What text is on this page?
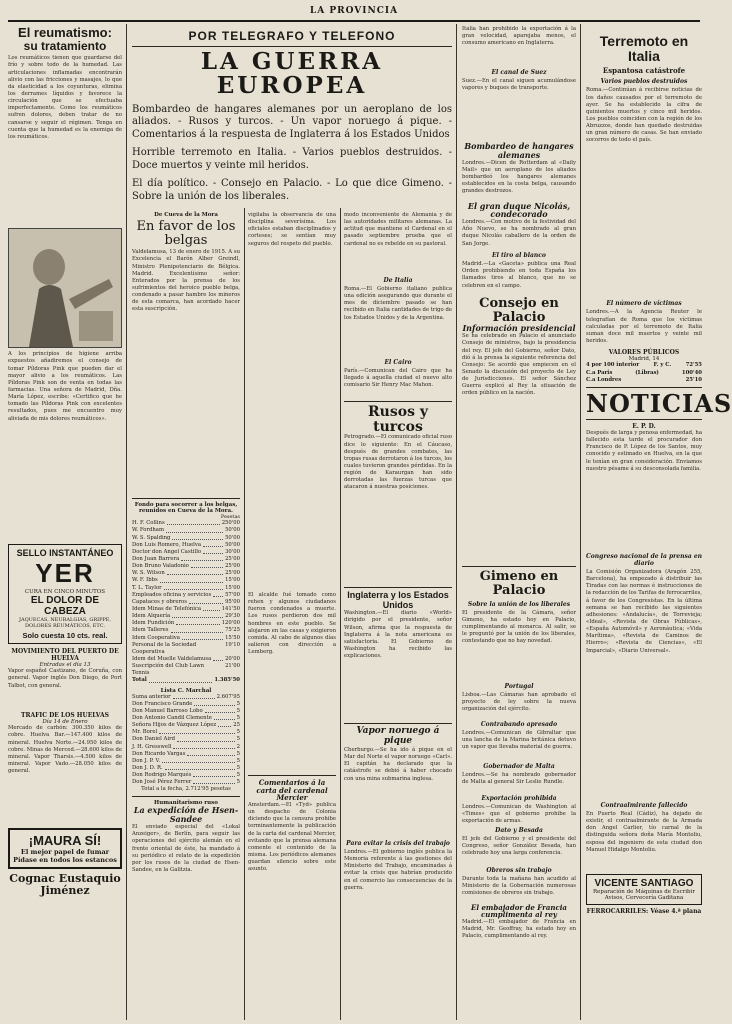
LA PROVINCIA
El reumatismo:
su tratamiento
Los reumáticos tienen que guardarse del frío y sobre todo de la humedad. Las articulaciones inflamadas encontrarán alivio con las fricciones y masajes, lo que da elasticidad a los coyunturas, elimina los derrames líquidos y favorece la circulación que se efectuaba imperfectamente. Como los reumáticos sufren dolores, deben tratar de no cansarse y seguir el régimen. Tenga en cuenta que la humedad es la enemiga de los reumáticos.
A los principios de higiene arriba expuestos añadiremos el consejo de tomar Píldoras Pink que pueden dar el mayor alivio a los reumáticos. Las Píldoras Pink son de venta en todas las farmacias. Una señora de Madrid, Dña. María López, escribe: «Certifico que he tomado las Píldoras Pink con excelentes resultados, pues me encuentro muy aliviada de mis dolores reumáticos».
SELLO INSTANTÁNEO
YER
CURA EN CINCO MINUTOS
EL DOLOR DE CABEZA
JAQUECAS, NEURALGIAS, GRIPPE, DOLORES REUMÁTICOS, ETC.
Solo cuesta 10 cts. real.
MOVIMIENTO DEL PUERTO DE HUELVA
Entradas el día 13
Vapor español Castizano, de Coruña, con general. Vapor inglés Don Diego, de Port Talbot, con general.
TRAFIC DE LOS HUELVAS
Día 14 de Enero
Mercado de carbón: 300.350 kilos de cobre. Huelva Bar.—147.400 kilos de mineral. Huelva Norte.—24.950 kilos de cobre. Minas de Merced.—28.600 kilos de mineral. Vapor Tharsis.—4.500 kilos de mineral. Vapor Vado.—28.050 kilos de general.
¡MAURA SÍ!
El mejor papel de fumar
Pídase en todos los estancos
Cognac Eustaquio Jiménez
POR TELEGRAFO Y TELEFONO
LA GUERRA EUROPEA
Bombardeo de hangares alemanes por un aeroplano de los aliados. - Rusos y turcos. - Un vapor noruego á pique. - Comentarios á la respuesta de Inglaterra á los Estados Unidos
Horrible terremoto en Italia. - Varios pueblos destruidos. - Doce muertos y veinte mil heridos.
El día político. - Consejo en Palacio. - Lo que dice Gimeno. - Sobre la unión de los liberales.
De Cueva de la Mora
En favor de los belgas
Valdelamusa, 13 de enero de 1915. A su Excelencia el Barón Alber Greindl, Ministro Plenipotenciario de Bélgica. Madrid. Excelentísimo señor: Enterados por la prensa de los sufrimientos del heroico pueblo belga, condenado a pasar hambre los mineros de esta comarca, han acordado hacer esta suscripción.
Fondo para socorrer a los belgas, reunidos en Cueva de la Mora.
Pesetas
H. F. Collins	250'00
W. Fordham	50'00
W. S. Spalding	50'00
Don Luis Romero, Huelva	50'00
Doctor don Angel Castillo	30'00
Don Juan Barrera	25'00
Don Bruno Valadonio	25'00
W. S. Wilson	25'00
W. F. Ibbs	15'00
T. L. Taylor	15'00
Empleados oficina y servicios	57'00
Capataces y obreros	95'00
Idem Minas de Telefónica	141'50
Idem Alquería	29'30
Idem Fundición	120'00
Idem Talleres	75'25
Idem Cooperativa	15'50
Personal de la Sociedad Cooperativa
19'10
Idem del Muelle Valdelamusa	20'00
Suscripción del Club Lawn Tennis
21'00
Total	1.385'50
Lista C. Marchal
Suma anterior	2.607'95
Don Francisco Grande	5
Don Manuel Barroso Lobo	5
Don Antonio Candil Clemente	5
Señora Hijos de Vázquez López	25
Mr. Borel	5
Don Daniel Aird	5
J. H. Gresswell	2
Don Ricardo Vargas	5
Don J. P. V.	5
Don J. D. R.	5
Don Rodrigo Marqués	5
Don José Pérez Ferrer	5
Total a la fecha, 2.712'95 pesetas
Humanitarismo ruso
La expedición de Hsen-Sandee
El enviado especial del «Lokal Anzeiger», de Berlín, para seguir las operaciones del ejército alemán en el frente oriental de éste, ha mandado á su periódico el relato de la expedición por los rusos de la ciudad de Hsen-Sandee, en la Galitzia.
vigilaba la observancia de una disciplina severísima. Los oficiales estaban disciplinados y corteses; se sentían muy seguros del respeto del pueblo.
El alcalde fué tomado como rehen y algunos ciudadanos fueron condenados a muerte. Los rusos perdieron dos mil hombres en este pueblo. Se alojaron en las casas y exigieron comida. Al cabo de algunos días salieron con dirección a Lemberg.
Comentarios á la carta del cardenal Mercier
Amsterdam.—El «Tyd» publica un despacho de Colonia diciendo que la censura prohibe terminantemente la publicación de la carta del cardenal Mercier, evitando que la prensa alemana comente el contenido de la misma. Los periódicos alemanes guardan silencio sobre este asunto.
modo inconveniente de Alemania y de las autoridades militares alemanas. La actitud que mantiene el Cardenal en el pasado septiembre prueba que el cardenal no es rebelde en su pastoral.
De Italia
Roma.—El Gobierno italiano publica una edición asegurando que durante el mes de diciembre pasado se han recibido en Italia cantidades de trigo de los Estados Unidos y de la Argentina.
El Cairo
París.—Comunican del Cairo que ha llegado á aquella ciudad el nuevo alto comisario Sir Henry Mac Mahon.
Rusos y turcos
Petrogrado.—El comunicado oficial ruso dice lo siguiente: En el Cáucaso, después de grandes combates, las tropas rusas derrotaron á los turcos, los cuales tuvieron grandes pérdidas. En la región de Karaurgan han sido derrotadas las fuerzas turcas que atacaron á nuestras posiciones.
Inglaterra y los Estados Unidos
Washington.—El diario «World» dirigido por el presidente, señor Wilson, afirma que la respuesta de Inglaterra á la nota americana es satisfactoria. El Gobierno de Washington ha recibido las explicaciones.
Vapor noruego á pique
Cherburgo.—Se ha ido á pique en el Mar del Norte el vapor noruego «Carl». El capitán ha declarado que la catástrofe se debió á haber chocado con una mina submarina inglesa.
Para evitar la crisis del trabajo
Londres.—El gobierno inglés publica la Memoria referente á las gestiones del Ministerio del Trabajo, encaminadas á evitar la crisis que habrían producido en el comercio las consecuencias de la guerra.
Italia han prohibido la exportación á la gran velocidad, aparejaba menos, el consumo americano en Inglaterra.
El canal de Suez
Suez.—En el canal siguen acumulándose vapores y buques de transporte.
Bombardeo de hangares alemanes
Londres.—Dicen de Rotterdam al «Daily Mail» que un aeroplano de los aliados bombardeó los hangares alemanes establecidos en la costa belga, causando grandes destrozos.
El gran duque Nicolás, condecorado
Londres.—Con motivo de la festividad del Año Nuevo, se ha nombrado al gran duque Nicolás caballero de la orden de San Jorge.
El tiro al blanco
Madrid.—La «Gaceta» publica una Real Orden prohibiendo en toda España los llamados tiros al blanco, que no se celebren en el campo.
Consejo en Palacio
Información presidencial
Se ha celebrado en Palacio el anunciado Consejo de ministros, bajo la presidencia del rey. El jefe del Gobierno, señor Dato, dió á la prensa la siguiente referencia del Consejo: Se acordó que empiecen en el Senado la discusión del proyecto de Ley de Jurisdicciones. El señor Sánchez Guerra explicó al Rey la situación de orden público en la nación.
Gimeno en Palacio
Sobre la unión de los liberales
El presidente de la Cámara, señor Gimeno, ha estado hoy en Palacio, cumplimentando al monarca. Al salir, se le preguntó por la unión de los liberales, contestando que no hay novedad.
Portugal
Lisboa.—Las Cámaras han aprobado el proyecto de ley sobre la nueva organización del ejército.
Contrabando apresado
Londres.—Comunican de Gibraltar que una lancha de la Marina británica detuvo un vapor que llevaba material de guerra.
Gobernador de Malta
Londres.—Se ha nombrado gobernador de Malta al general Sir Leslie Rundle.
Exportación prohibida
Londres.—Comunican de Washington al «Times» que el gobierno prohibe la exportación de armas.
Dato y Besada
El jefe del Gobierno y el presidente del Congreso, señor González Besada, han celebrado hoy una larga conferencia.
Obreros sin trabajo
Durante toda la mañana han acudido al Ministerio de la Gobernación numerosas comisiones de obreros sin trabajo.
El embajador de Francia cumplimenta al rey
Madrid.—El embajador de Francia en Madrid, Mr. Geoffray, ha estado hoy en Palacio, cumplimentando al rey.
Terremoto en Italia
Espantosa catástrofe
Varios pueblos destruidos
Roma.—Continúan á recibirse noticias de los daños causados por el terremoto de ayer. Se ha establecido la cifra de quinientos muertos y cinco mil heridos. Los pueblos coinciden con la región de los Abruzzos, donde han quedado destruidas un gran número de casas. Se han enviado socorros de todo el país.
El número de víctimas
Londres.—A la Agencia Reuter le telegrafían de Roma que los víctimas calculadas por el terremoto de Italia suman doce mil muertos y veinte mil heridos.
VALORES PÚBLICOS
Madrid, 14
4 por 100 interior	F. y C.	72'55
C.a Paris	(Libras)	100'40
C.a Londres	25'10
NOTICIAS
E. P. D.
Después de larga y penosa enfermedad, ha fallecido esta tarde el procurador don Francisco de P. López de los Santos, muy conocido y estimado en Huelva, en la que le tenían en gran consideración. Enviamos nuestro pésame á su desconsolada familia.
Congreso nacional de la prensa en diario
La Comisión Organizadora (Aragón 255, Barcelona), ha empezado á distribuir las Tiradas con las normas é instrucciones de la redacción de los Tarifas de ferrocarriles, á favor de los Congresistas. En la última semana se han recibido las siguientes adhesiones: «Andalucía», de Torrevieja; «Ideal», «Revista de Obras Públicas», «España Automóvil» y Aeronáutica; «Vida Marítima», «Revista de Caminos de Hierro»; «Revista de Ciencias», «El Imparcial», «Diario Universal».
Contraalmirante fallecido
En Puerto Real (Cádiz), ha dejado de existir, el contraalmirante de la Armada don Angel Carlier, tío carnal de la distinguida señora doña María Montoliu, esposa del ingeniero de esta ciudad don Manuel Hidalgo Montoliu.
VICENTE SANTIAGO
Reparación de Máquinas de Escribir
Avisos, Cervecería Gaditana
FERROCARRILES: Véase 4.ª plana
